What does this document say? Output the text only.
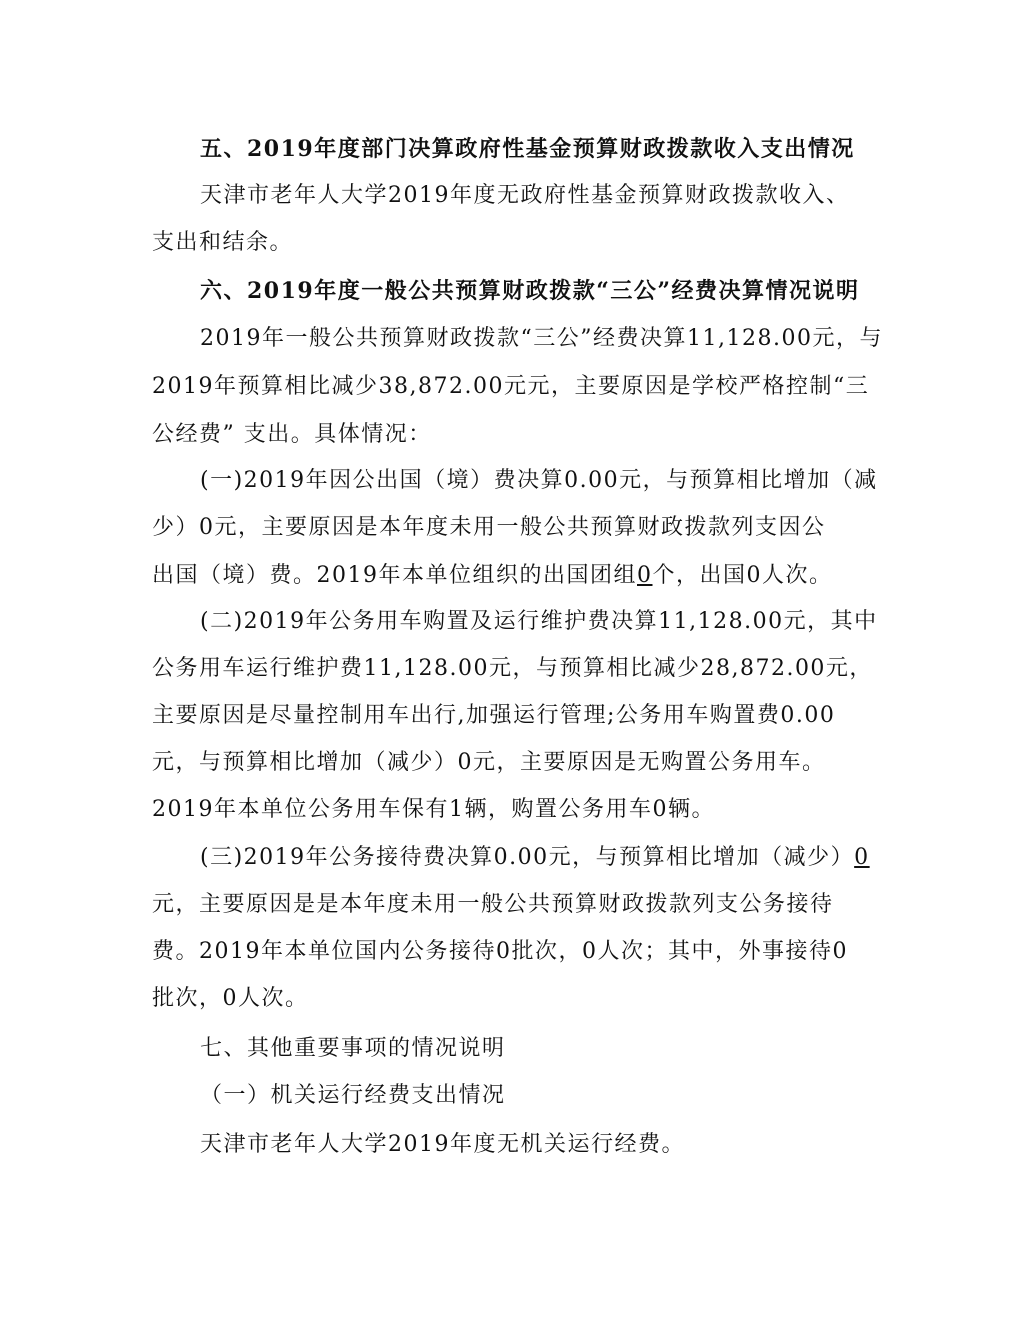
五、2019年度部门决算政府性基金预算财政拨款收入支出情况
天津市老年人大学2019年度无政府性基金预算财政拨款收入、
支出和结余。
六、2019年度一般公共预算财政拨款“三公”经费决算情况说明
2019年一般公共预算财政拨款“三公”经费决算11,128.00元，与
2019年预算相比减少38,872.00元元，主要原因是学校严格控制“三
公经费” 支出。具体情况：
(一)2019年因公出国（境）费决算0.00元，与预算相比增加（减
少）0元，主要原因是本年度未用一般公共预算财政拨款列支因公
出国（境）费。2019年本单位组织的出国团组0个，出国0人次。
(二)2019年公务用车购置及运行维护费决算11,128.00元，其中
公务用车运行维护费11,128.00元，与预算相比减少28,872.00元，
主要原因是尽量控制用车出行,加强运行管理;公务用车购置费0.00
元，与预算相比增加（减少）0元，主要原因是无购置公务用车。
2019年本单位公务用车保有1辆，购置公务用车0辆。
(三)2019年公务接待费决算0.00元，与预算相比增加（减少）0
元，主要原因是是本年度未用一般公共预算财政拨款列支公务接待
费。2019年本单位国内公务接待0批次，0人次；其中，外事接待0
批次，0人次。
七、其他重要事项的情况说明
（一）机关运行经费支出情况
天津市老年人大学2019年度无机关运行经费。
